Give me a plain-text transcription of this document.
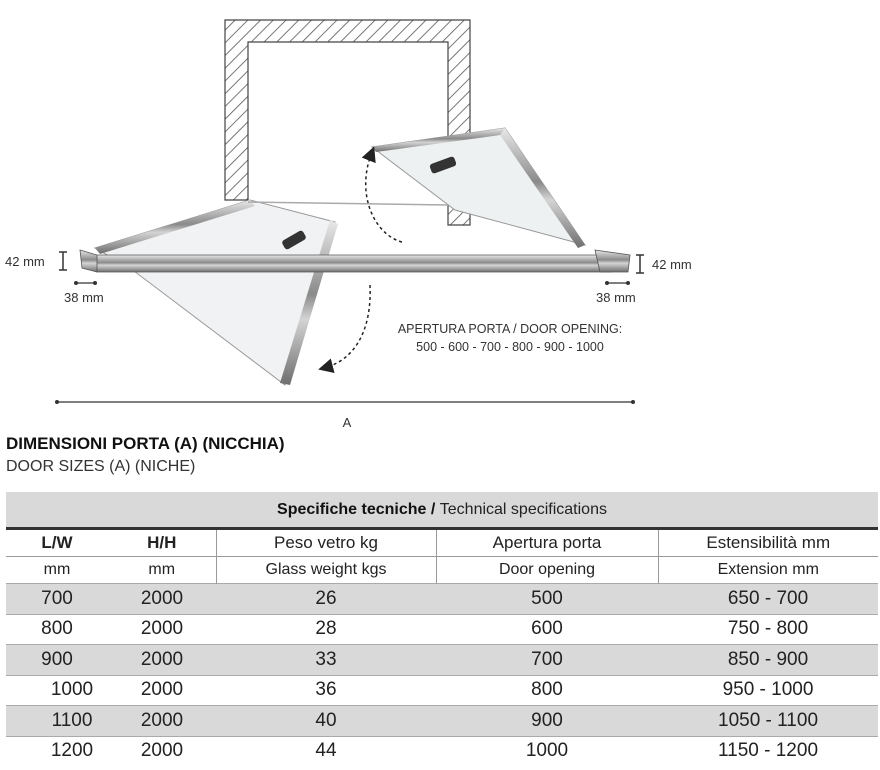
42 mm
38 mm
42 mm
38 mm
APERTURA PORTA / DOOR OPENING:
500 - 600 - 700 - 800 - 900 - 1000
A
DIMENSIONI PORTA (A) (NICCHIA)
DOOR SIZES (A) (NICHE)
Specifiche tecniche / Technical specifications				
L/W	H/H	Peso vetro kg	Apertura porta	Estensibilità mm
mm	mm	Glass weight kgs	Door opening	Extension mm
700	2000	26	500	650 - 700
800	2000	28	600	750 - 800
900	2000	33	700	850 - 900
1000	2000	36	800	950 - 1000
1100	2000	40	900	1050 - 1100
1200	2000	44	1000	1150 - 1200
